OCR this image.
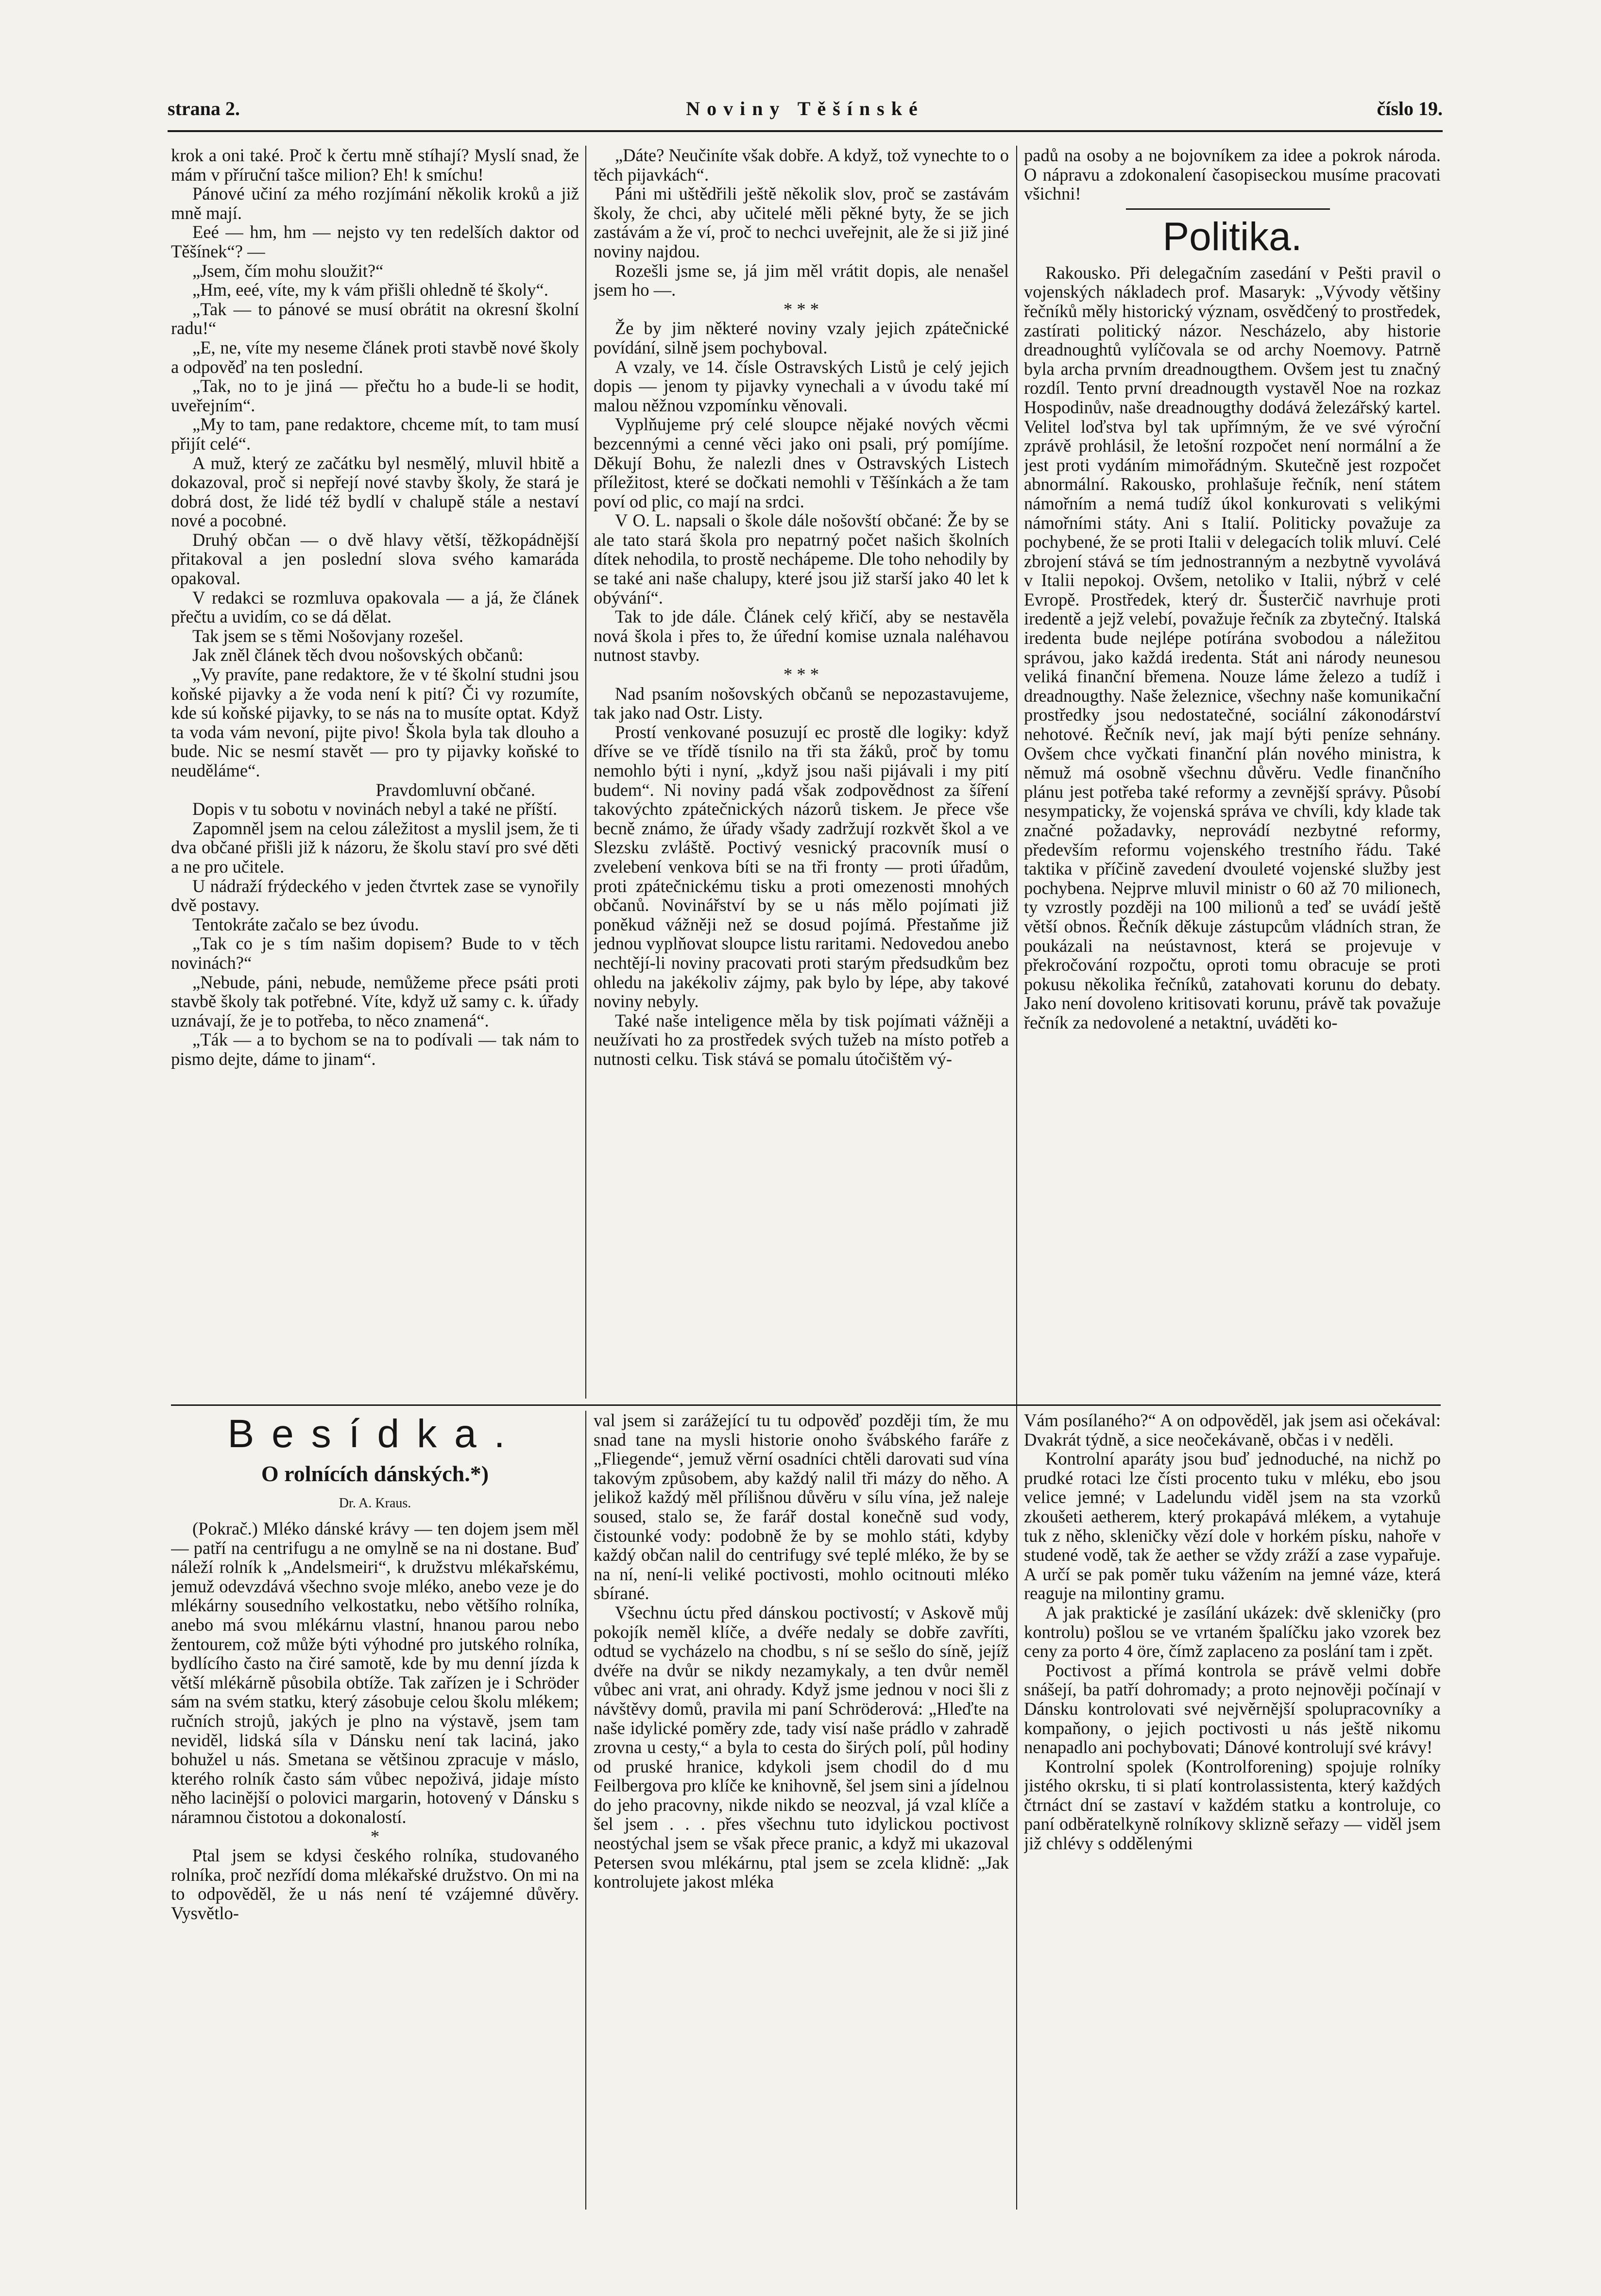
strana 2.	Noviny Těšínské	číslo 19.

krok a oni také. Proč k čertu mně stíhají? Myslí snad, že mám v příruční tašce milion? Eh! k smíchu!

Pánové učiní za mého rozjímání několik kroků a již mně mají.

Eeé — hm, hm — nejsto vy ten redelších daktor od Těšínek“? —

„Jsem, čím mohu sloužit?“

„Hm, eeé, víte, my k vám přišli ohledně té školy“.

„Tak — to pánové se musí obrátit na okresní školní radu!“

„E, ne, víte my neseme článek proti stavbě nové školy a odpověď na ten poslední.

„Tak, no to je jiná — přečtu ho a bude-li se hodit, uveřejním“.

„My to tam, pane redaktore, chceme mít, to tam musí přijít celé“.

A muž, který ze začátku byl nesmělý, mluvil hbitě a dokazoval, proč si nepřejí nové stavby školy, že stará je dobrá dost, že lidé též bydlí v chalupě stále a nestaví nové a pocobné.

Druhý občan — o dvě hlavy větší, těžkopádnější přitakoval a jen poslední slova svého kamaráda opakoval.

V redakci se rozmluva opakovala — a já, že článek přečtu a uvidím, co se dá dělat.

Tak jsem se s těmi Nošovjany rozešel.

Jak zněl článek těch dvou nošovských občanů:

„Vy pravíte, pane redaktore, že v té školní studni jsou koňské pijavky a že voda není k pití? Či vy rozumíte, kde sú koňské pijavky, to se nás na to musíte optat. Když ta voda vám nevoní, pijte pivo! Škola byla tak dlouho a bude. Nic se nesmí stavět — pro ty pijavky koňské to neuděláme“.

Pravdomluvní občané.

Dopis v tu sobotu v novinách nebyl a také ne příští.

Zapomněl jsem na celou záležitost a myslil jsem, že ti dva občané přišli již k názoru, že školu staví pro své děti a ne pro učitele.

U nádraží frýdeckého v jeden čtvrtek zase se vynořily dvě postavy.

Tentokráte začalo se bez úvodu.

„Tak co je s tím našim dopisem? Bude to v těch novinách?“

„Nebude, páni, nebude, nemůžeme přece psáti proti stavbě školy tak potřebné. Víte, když už samy c. k. úřady uznávají, že je to potřeba, to něco znamená“.

„Ták — a to bychom se na to podívali — tak nám to pismo dejte, dáme to jinam“.

„Dáte? Neučiníte však dobře. A když, tož vynechte to o těch pijavkách“.

Páni mi uštědřili ještě několik slov, proč se zastávám školy, že chci, aby učitelé měli pěkné byty, že se jich zastávám a že ví, proč to nechci uveřejnit, ale že si již jiné noviny najdou.

Rozešli jsme se, já jim měl vrátit dopis, ale nenašel jsem ho —.

* * *

Že by jim některé noviny vzaly jejich zpátečnické povídání, silně jsem pochyboval.

A vzaly, ve 14. čísle Ostravských Listů je celý jejich dopis — jenom ty pijavky vynechali a v úvodu také mí malou něžnou vzpomínku věnovali.

Vyplňujeme prý celé sloupce nějaké nových věcmi bezcennými a cenné věci jako oni psali, prý pomíjíme. Děkují Bohu, že nalezli dnes v Ostravských Listech příležitost, které se dočkati nemohli v Těšínkách a že tam poví od plic, co mají na srdci.

V O. L. napsali o škole dále nošovští občané: Že by se ale tato stará škola pro nepatrný počet našich školních dítek nehodila, to prostě nechápeme. Dle toho nehodily by se také ani naše chalupy, které jsou již starší jako 40 let k obývání“.

Tak to jde dále. Článek celý křičí, aby se nestavěla nová škola i přes to, že úřední komise uznala naléhavou nutnost stavby.

* * *

Nad psaním nošovských občanů se nepozastavujeme, tak jako nad Ostr. Listy.

Prostí venkované posuzují ec prostě dle logiky: když dříve se ve třídě tísnilo na tři sta žáků, proč by tomu nemohlo býti i nyní, „když jsou naši pijávali i my pití budem“. Ni noviny padá však zodpovědnost za šíření takovýchto zpátečnických názorů tiskem. Je přece vše becně známo, že úřady všady zadržují rozkvět škol a ve Slezsku zvláště. Poctivý vesnický pracovník musí o zvelebení venkova bíti se na tři fronty — proti úřadům, proti zpátečnickému tisku a proti omezenosti mnohých občanů. Novinářství by se u nás mělo pojímati již poněkud vážněji než se dosud pojímá. Přestaňme již jednou vyplňovat sloupce listu raritami. Nedovedou anebo nechtějí-li noviny pracovati proti starým předsudkům bez ohledu na jakékoliv zájmy, pak bylo by lépe, aby takové noviny nebyly.

Také naše inteligence měla by tisk pojímati vážněji a neužívati ho za prostředek svých tužeb na místo potřeb a nutnosti celku. Tisk stává se pomalu útočištěm vý-

padů na osoby a ne bojovníkem za idee a pokrok národa. O nápravu a zdokonalení časopiseckou musíme pracovati všichni!

Politika.

Rakousko. Při delegačním zasedání v Pešti pravil o vojenských nákladech prof. Masaryk: „Vývody většiny řečníků měly historický význam, osvědčený to prostředek, zastírati politický názor. Nescházelo, aby historie dreadnoughtů vylíčovala se od archy Noemovy. Patrně byla archa prvním dreadnougthem. Ovšem jest tu značný rozdíl. Tento první dreadnougth vystavěl Noe na rozkaz Hospodinův, naše dreadnougthy dodává železářský kartel. Velitel loďstva byl tak upřímným, že ve své výroční zprávě prohlásil, že letošní rozpočet není normální a že jest proti vydáním mimořádným. Skutečně jest rozpočet abnormální. Rakousko, prohlašuje řečník, není státem námořním a nemá tudíž úkol konkurovati s velikými námořními státy. Ani s Italií. Politicky považuje za pochybené, že se proti Italii v delegacích tolik mluví. Celé zbrojení stává se tím jednostranným a nezbytně vyvolává v Italii nepokoj. Ovšem, netoliko v Italii, nýbrž v celé Evropě. Prostředek, který dr. Šusterčič navrhuje proti iredentě a jejž velebí, považuje řečník za zbytečný. Italská iredenta bude nejlépe potírána svobodou a náležitou správou, jako každá iredenta. Stát ani národy neunesou veliká finanční břemena. Nouze láme železo a tudíž i dreadnougthy. Naše železnice, všechny naše komunikační prostředky jsou nedostatečné, sociální zákonodárství nehotové. Řečník neví, jak mají býti peníze sehnány. Ovšem chce vyčkati finanční plán nového ministra, k němuž má osobně všechnu důvěru. Vedle finančního plánu jest potřeba také reformy a zevnější správy. Působí nesympaticky, že vojenská správa ve chvíli, kdy klade tak značné požadavky, neprovádí nezbytné reformy, především reformu vojenského trestního řádu. Také taktika v příčině zavedení dvouleté vojenské služby jest pochybena. Nejprve mluvil ministr o 60 až 70 milionech, ty vzrostly později na 100 milionů a teď se uvádí ještě větší obnos. Řečník děkuje zástupcům vládních stran, že poukázali na neústavnost, která se projevuje v překročování rozpočtu, oproti tomu obracuje se proti pokusu několika řečníků, zatahovati korunu do debaty. Jako není dovoleno kritisovati korunu, právě tak považuje řečník za nedovolené a netaktní, uváděti ko-

Besídka.
O rolnících dánských.*)
Dr. A. Kraus.

(Pokrač.) Mléko dánské krávy — ten dojem jsem měl — patří na centrifugu a ne omylně se na ni dostane. Buď náleží rolník k „Andelsmeiri“, k družstvu mlékařskému, jemuž odevzdává všechno svoje mléko, anebo veze je do mlékárny sousedního velkostatku, nebo většího rolníka, anebo má svou mlékárnu vlastní, hnanou parou nebo žentourem, což může býti výhodné pro jutského rolníka, bydlícího často na čiré samotě, kde by mu denní jízda k větší mlékárně působila obtíže. Tak zařízen je i Schröder sám na svém statku, který zásobuje celou školu mlékem; ručních strojů, jakých je plno na výstavě, jsem tam neviděl, lidská síla v Dánsku není tak laciná, jako bohužel u nás. Smetana se většinou zpracuje v máslo, kterého rolník často sám vůbec nepoživá, jidaje místo něho lacinější o polovici margarin, hotovený v Dánsku s náramnou čistotou a dokonalostí.

*

Ptal jsem se kdysi českého rolníka, studovaného rolníka, proč nezřídí doma mlékařské družstvo. On mi na to odpověděl, že u nás není té vzájemné důvěry. Vysvětlo-

val jsem si zarážející tu tu odpověď později tím, že mu snad tane na mysli historie onoho švábského faráře z „Fliegende“, jemuž věrní osadníci chtěli darovati sud vína takovým způsobem, aby každý nalil tři mázy do něho. A jelikož každý měl přílišnou důvěru v sílu vína, jež naleje soused, stalo se, že farář dostal konečně sud vody, čistounké vody: podobně že by se mohlo státi, kdyby každý občan nalil do centrifugy své teplé mléko, že by se na ní, není-li veliké poctivosti, mohlo ocitnouti mléko sbírané.

Všechnu úctu před dánskou poctivostí; v Askově můj pokojík neměl klíče, a dvéře nedaly se dobře zavříti, odtud se vycházelo na chodbu, s ní se sešlo do síně, jejíž dvéře na dvůr se nikdy nezamykaly, a ten dvůr neměl vůbec ani vrat, ani ohrady. Když jsme jednou v noci šli z návštěvy domů, pravila mi paní Schröderová: „Hleďte na naše idylické poměry zde, tady visí naše prádlo v zahradě zrovna u cesty,“ a byla to cesta do širých polí, půl hodiny od pruské hranice, kdykoli jsem chodil do d mu Feilbergova pro klíče ke knihovně, šel jsem sini a jídelnou do jeho pracovny, nikde nikdo se neozval, já vzal klíče a šel jsem . . . přes všechnu tuto idylickou poctivost neostýchal jsem se však přece pranic, a když mi ukazoval Petersen svou mlékárnu, ptal jsem se zcela klidně: „Jak kontrolujete jakost mléka

Vám posílaného?“ A on odpověděl, jak jsem asi očekával: Dvakrát týdně, a sice neočekávaně, občas i v neděli.

Kontrolní aparáty jsou buď jednoduché, na nichž po prudké rotaci lze čísti procento tuku v mléku, ebo jsou velice jemné; v Ladelundu viděl jsem na sta vzorků zkoušeti aetherem, který prokapává mlékem, a vytahuje tuk z něho, skleničky vězí dole v horkém písku, nahoře v studené vodě, tak že aether se vždy zráží a zase vypařuje. A určí se pak poměr tuku vážením na jemné váze, která reaguje na milontiny gramu.

A jak praktické je zasílání ukázek: dvě skleničky (pro kontrolu) pošlou se ve vrtaném špalíčku jako vzorek bez ceny za porto 4 öre, čímž zaplaceno za poslání tam i zpět.

Poctivost a přímá kontrola se právě velmi dobře snášejí, ba patří dohromady; a proto nejnověji počínají v Dánsku kontrolovati své nejvěrnější spolupracovníky a kompaňony, o jejich poctivosti u nás ještě nikomu nenapadlo ani pochybovati; Dánové kontrolují své krávy!

Kontrolní spolek (Kontrolforening) spojuje rolníky jistého okrsku, ti si platí kontrolassistenta, který každých čtrnáct dní se zastaví v každém statku a kontroluje, co paní odběratelkyně rolníkovy sklizně seřazy — viděl jsem již chlévy s oddělenými
